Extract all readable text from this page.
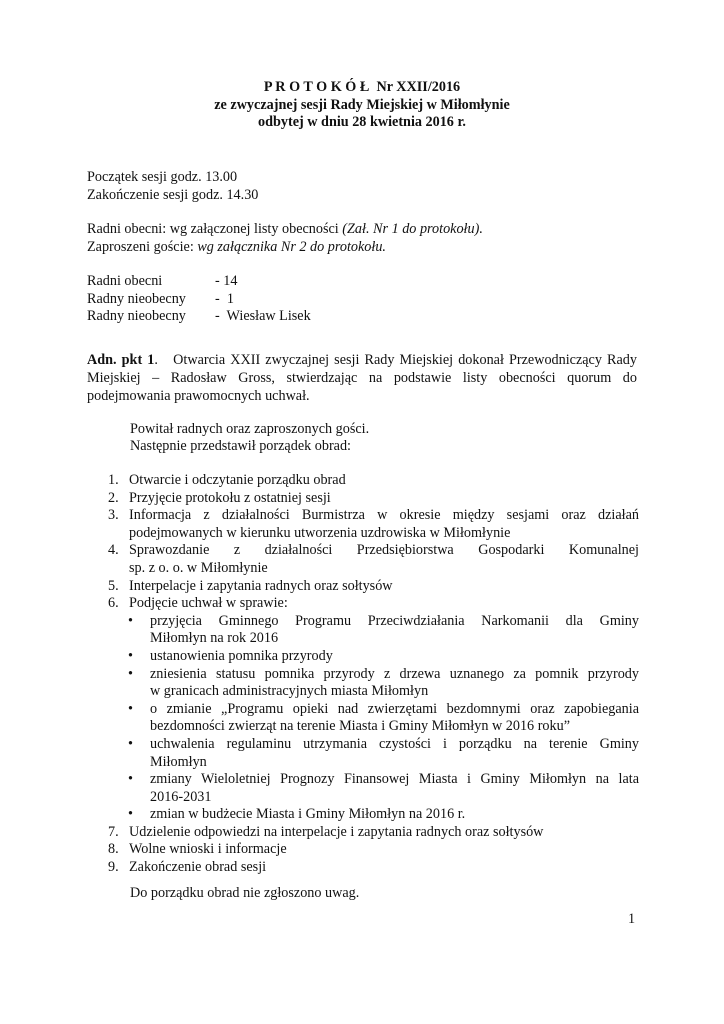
P R O T O K Ó Ł  Nr XXII/2016
ze zwyczajnej sesji Rady Miejskiej w Miłomłynie
odbytej w dniu 28 kwietnia 2016 r.
Początek sesji godz. 13.00
Zakończenie sesji godz. 14.30
Radni obecni: wg załączonej listy obecności (Zał. Nr 1 do protokołu).
Zaproszeni goście: wg załącznika Nr 2 do protokołu.
Radni obecni	- 14
Radny nieobecny	-  1
Radny nieobecny	-  Wiesław Lisek
Adn. pkt 1.   Otwarcia XXII zwyczajnej sesji Rady Miejskiej dokonał Przewodniczący Rady
Miejskiej – Radosław Gross, stwierdzając na podstawie listy obecności quorum do
podejmowania prawomocnych uchwał.
Powitał radnych oraz zaproszonych gości.
Następnie przedstawił porządek obrad:
1. Otwarcie i odczytanie porządku obrad
2. Przyjęcie protokołu z ostatniej sesji
3. Informacja z działalności Burmistrza w okresie między sesjami oraz działań
podejmowanych w kierunku utworzenia uzdrowiska w Miłomłynie
4. Sprawozdanie z działalności Przedsiębiorstwa Gospodarki Komunalnej
sp. z o. o. w Miłomłynie
5. Interpelacje i zapytania radnych oraz sołtysów
6. Podjęcie uchwał w sprawie:
• przyjęcia Gminnego Programu Przeciwdziałania Narkomanii dla Gminy
Miłomłyn na rok 2016
• ustanowienia pomnika przyrody
• zniesienia statusu pomnika przyrody z drzewa uznanego za pomnik przyrody
w granicach administracyjnych miasta Miłomłyn
• o zmianie „Programu opieki nad zwierzętami bezdomnymi oraz zapobiegania
bezdomności zwierząt na terenie Miasta i Gminy Miłomłyn w 2016 roku”
• uchwalenia regulaminu utrzymania czystości i porządku na terenie Gminy
Miłomłyn
• zmiany Wieloletniej Prognozy Finansowej Miasta i Gminy Miłomłyn na lata
2016-2031
• zmian w budżecie Miasta i Gminy Miłomłyn na 2016 r.
7. Udzielenie odpowiedzi na interpelacje i zapytania radnych oraz sołtysów
8. Wolne wnioski i informacje
9. Zakończenie obrad sesji
Do porządku obrad nie zgłoszono uwag.
1
